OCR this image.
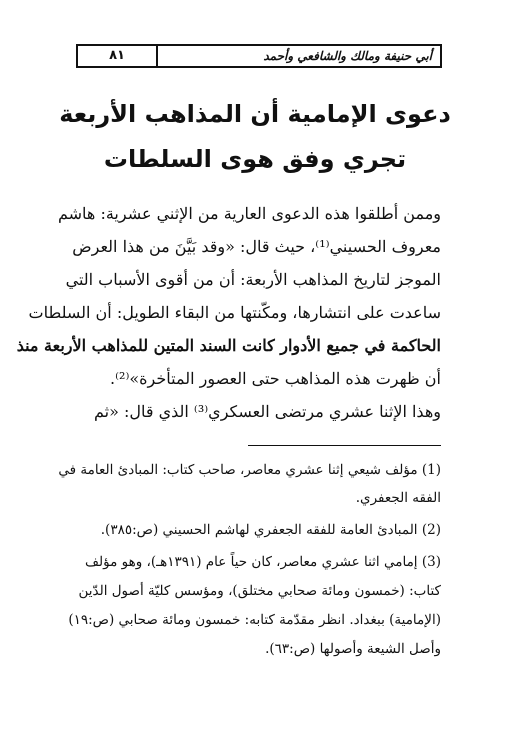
٨١	أبي حنيفة ومالك والشافعي وأحمد
دعوى الإمامية أن المذاهب الأربعة
تجري وفق هوى السلطات
وممن أطلقوا هذه الدعوى العارية من الإثني عشرية: هاشم
معروف الحسيني⁽¹⁾، حيث قال: «وقد بَيَّنَ من هذا العرض
الموجز لتاريخ المذاهب الأربعة: أن من أقوى الأسباب التي
ساعدت على انتشارها، ومكّنتها من البقاء الطويل: أن السلطات
الحاكمة في جميع الأدوار كانت السند المتين للمذاهب الأربعة منذ
أن ظهرت هذه المذاهب حتى العصور المتأخرة»⁽²⁾.
وهذا الإثنا عشري مرتضى العسكري⁽³⁾ الذي قال: «ثم
(1) مؤلف شيعي إثنا عشري معاصر، صاحب كتاب: المبادئ العامة في
الفقه الجعفري.
(2) المبادئ العامة للفقه الجعفري لهاشم الحسيني (ص:٣٨٥).
(3) إمامي اثنا عشري معاصر، كان حياً عام (١٣٩١هـ)، وهو مؤلف
كتاب: (خمسون ومائة صحابي مختلق)، ومؤسس كليّة أصول الدّين
(الإمامية) ببغداد. انظر مقدّمة كتابه: خمسون ومائة صحابي (ص:١٩)
وأصل الشيعة وأصولها (ص:٦٣).
